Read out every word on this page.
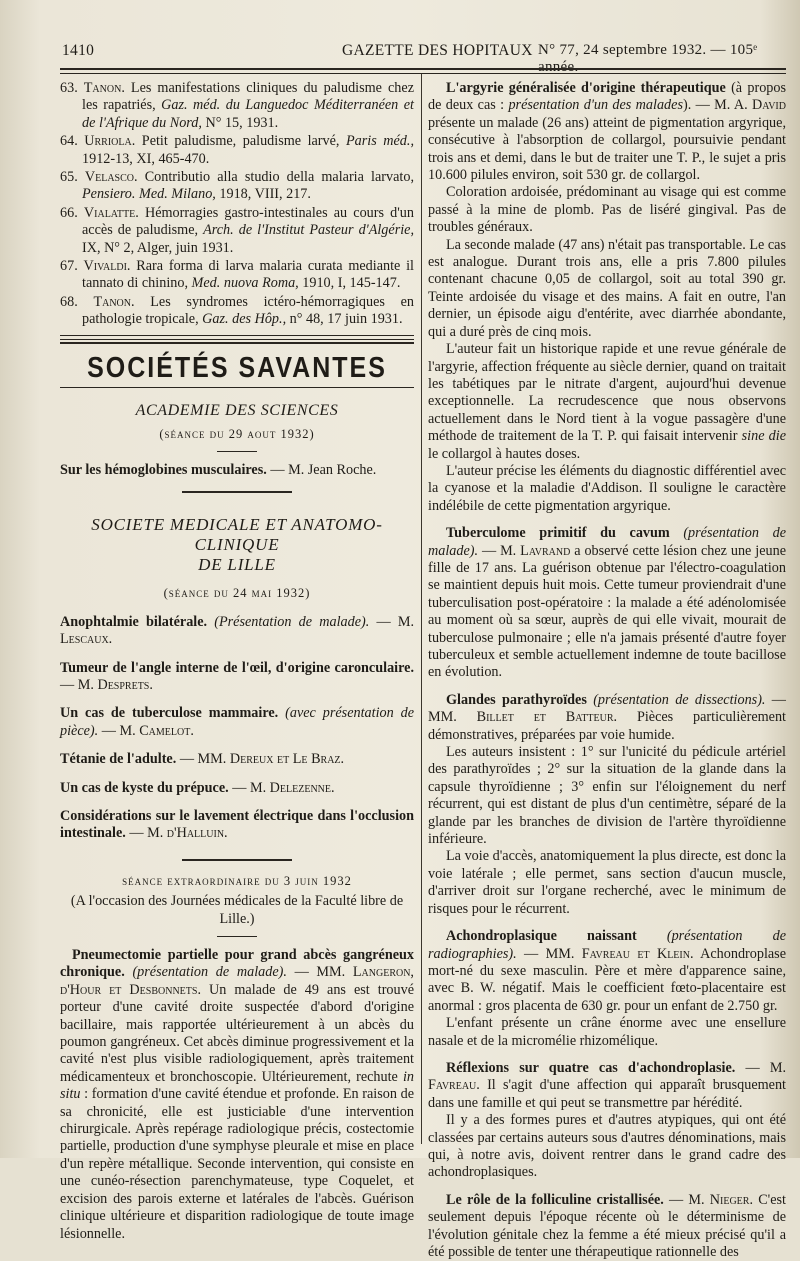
1410	GAZETTE DES HOPITAUX N° 77, 24 septembre 1932. — 105ᵉ année.
63. Tanon. Les manifestations cliniques du paludisme chez les rapatriés, Gaz. méd. du Languedoc Méditerranéen et de l'Afrique du Nord, N° 15, 1931.
64. Urriola. Petit paludisme, paludisme larvé, Paris méd., 1912-13, XI, 465-470.
65. Velasco. Contributio alla studio della malaria larvato, Pensiero. Med. Milano, 1918, VIII, 217.
66. Vialatte. Hémorragies gastro-intestinales au cours d'un accès de paludisme, Arch. de l'Institut Pasteur d'Algérie, IX, N° 2, Alger, juin 1931.
67. Vivaldi. Rara forma di larva malaria curata mediante il tannato di chinino, Med. nuova Roma, 1910, I, 145-147.
68. Tanon. Les syndromes ictéro-hémorragiques en pathologie tropicale, Gaz. des Hôp., n° 48, 17 juin 1931.
SOCIÉTÉS SAVANTES
ACADEMIE DES SCIENCES
(séance du 29 aout 1932)
Sur les hémoglobines musculaires. — M. Jean Roche.
SOCIETE MEDICALE ET ANATOMO-CLINIQUE
DE LILLE
(séance du 24 mai 1932)
Anophtalmie bilatérale. (Présentation de malade). — M. Lescaux.
Tumeur de l'angle interne de l'œil, d'origine caronculaire. — M. Desprets.
Un cas de tuberculose mammaire. (avec présentation de pièce). — M. Camelot.
Tétanie de l'adulte. — MM. Dereux et Le Braz.
Un cas de kyste du prépuce. — M. Delezenne.
Considérations sur le lavement électrique dans l'occlusion intestinale. — M. d'Halluin.
séance extraordinaire du 3 juin 1932
(A l'occasion des Journées médicales de la Faculté libre de Lille.)
Pneumectomie partielle pour grand abcès gangréneux chronique. (présentation de malade). — MM. Langeron, d'Hour et Desbonnets. Un malade de 49 ans est trouvé porteur d'une cavité droite suspectée d'abord d'origine bacillaire, mais rapportée ultérieurement à un abcès du poumon gangréneux. Cet abcès diminue progressivement et la cavité n'est plus visible radiologiquement, après traitement médicamenteux et bronchoscopie. Ultérieurement, rechute in situ : formation d'une cavité étendue et profonde. En raison de sa chronicité, elle est justiciable d'une intervention chirurgicale. Après repérage radiologique précis, costectomie partielle, production d'une symphyse pleurale et mise en place d'un repère métallique. Seconde intervention, qui consiste en une cunéo-résection parenchymateuse, type Coquelet, et excision des parois externe et latérales de l'abcès. Guérison clinique ultérieure et disparition radiologique de toute image lésionnelle.
L'argyrie généralisée d'origine thérapeutique (à propos de deux cas : présentation d'un des malades). — M. A. David présente un malade (26 ans) atteint de pigmentation argyrique, consécutive à l'absorption de collargol, poursuivie pendant trois ans et demi, dans le but de traiter une T. P., le sujet a pris 10.600 pilules environ, soit 530 gr. de collargol.
Coloration ardoisée, prédominant au visage qui est comme passé à la mine de plomb. Pas de liséré gingival. Pas de troubles généraux.
La seconde malade (47 ans) n'était pas transportable. Le cas est analogue. Durant trois ans, elle a pris 7.800 pilules contenant chacune 0,05 de collargol, soit au total 390 gr. Teinte ardoisée du visage et des mains. A fait en outre, l'an dernier, un épisode aigu d'entérite, avec diarrhée abondante, qui a duré près de cinq mois.
L'auteur fait un historique rapide et une revue générale de l'argyrie, affection fréquente au siècle dernier, quand on traitait les tabétiques par le nitrate d'argent, aujourd'hui devenue exceptionnelle. La recrudescence que nous observons actuellement dans le Nord tient à la vogue passagère d'une méthode de traitement de la T. P. qui faisait intervenir sine die le collargol à hautes doses.
L'auteur précise les éléments du diagnostic différentiel avec la cyanose et la maladie d'Addison. Il souligne le caractère indélébile de cette pigmentation argyrique.
Tuberculome primitif du cavum (présentation de malade). — M. Lavrand a observé cette lésion chez une jeune fille de 17 ans. La guérison obtenue par l'électro-coagulation se maintient depuis huit mois. Cette tumeur proviendrait d'une tuberculisation post-opératoire : la malade a été adénolomisée au moment où sa sœur, auprès de qui elle vivait, mourait de tuberculose pulmonaire ; elle n'a jamais présenté d'autre foyer tuberculeux et semble actuellement indemne de toute bacillose en évolution.
Glandes parathyroïdes (présentation de dissections). — MM. Billet et Batteur. Pièces particulièrement démonstratives, préparées par voie humide.
Les auteurs insistent : 1° sur l'unicité du pédicule artériel des parathyroïdes ; 2° sur la situation de la glande dans la capsule thyroïdienne ; 3° enfin sur l'éloignement du nerf récurrent, qui est distant de plus d'un centimètre, séparé de la glande par les branches de division de l'artère thyroïdienne inférieure.
La voie d'accès, anatomiquement la plus directe, est donc la voie latérale ; elle permet, sans section d'aucun muscle, d'arriver droit sur l'organe recherché, avec le minimum de risques pour le récurrent.
Achondroplasique naissant (présentation de radiographies). — MM. Favreau et Klein. Achondroplase mort-né du sexe masculin. Père et mère d'apparence saine, avec B. W. négatif. Mais le coefficient fœto-placentaire est anormal : gros placenta de 630 gr. pour un enfant de 2.750 gr.
L'enfant présente un crâne énorme avec une ensellure nasale et de la micromélie rhizomélique.
Réflexions sur quatre cas d'achondroplasie. — M. Favreau. Il s'agit d'une affection qui apparaît brusquement dans une famille et qui peut se transmettre par hérédité.
Il y a des formes pures et d'autres atypiques, qui ont été classées par certains auteurs sous d'autres dénominations, mais qui, à notre avis, doivent rentrer dans le grand cadre des achondroplasiques.
Le rôle de la folliculine cristallisée. — M. Nieger. C'est seulement depuis l'époque récente où le déterminisme de l'évolution génitale chez la femme a été mieux précisé qu'il a été possible de tenter une thérapeutique rationnelle des
